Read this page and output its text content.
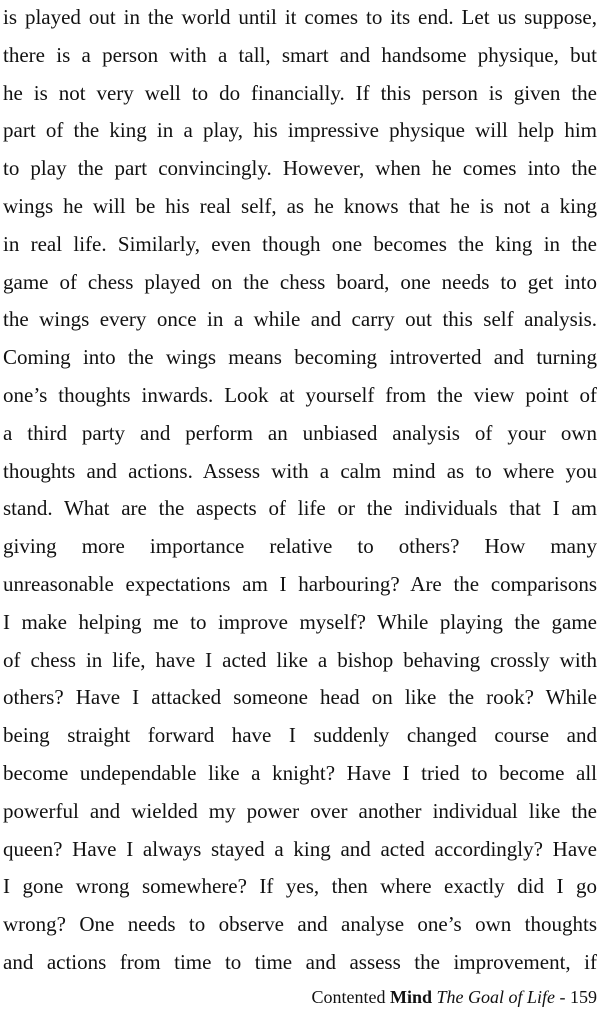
is played out in the world until it comes to its end. Let us suppose,
there is a person with a tall, smart and handsome physique, but
he is not very well to do financially. If this person is given the
part of the king in a play, his impressive physique will help him
to play the part convincingly. However, when he comes into the
wings he will be his real self, as he knows that he is not a king
in real life. Similarly, even though one becomes the king in the
game of chess played on the chess board, one needs to get into
the wings every once in a while and carry out this self analysis.
Coming into the wings means becoming introverted and turning
one’s thoughts inwards. Look at yourself from the view point of
a third party and perform an unbiased analysis of your own
thoughts and actions. Assess with a calm mind as to where you
stand. What are the aspects of life or the individuals that I am
giving more importance relative to others? How many
unreasonable expectations am I harbouring? Are the comparisons
I make helping me to improve myself? While playing the game
of chess in life, have I acted like a bishop behaving crossly with
others? Have I attacked someone head on like the rook? While
being straight forward have I suddenly changed course and
become undependable like a knight? Have I tried to become all
powerful and wielded my power over another individual like the
queen? Have I always stayed a king and acted accordingly? Have
I gone wrong somewhere? If yes, then where exactly did I go
wrong? One needs to observe and analyse one’s own thoughts
and actions from time to time and assess the improvement, if
Contented Mind The Goal of Life - 159
